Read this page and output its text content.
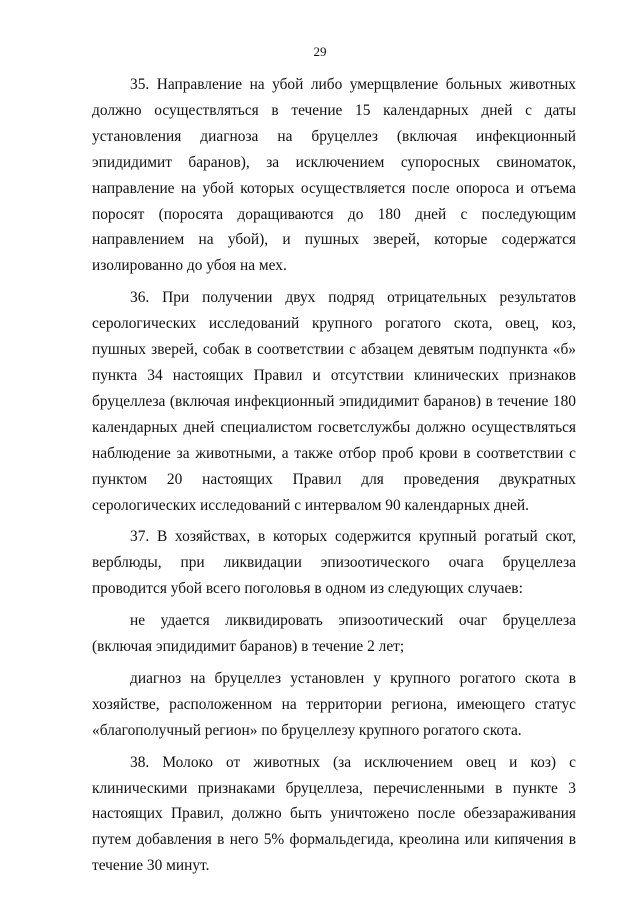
29

35. Направление на убой либо умерщвление больных животных должно осуществляться в течение 15 календарных дней с даты установления диагноза на бруцеллез (включая инфекционный эпидидимит баранов), за исключением супоросных свиноматок, направление на убой которых осуществляется после опороса и отъема поросят (поросята доращиваются до 180 дней с последующим направлением на убой), и пушных зверей, которые содержатся изолированно до убоя на мех.

36. При получении двух подряд отрицательных результатов серологических исследований крупного рогатого скота, овец, коз, пушных зверей, собак в соответствии с абзацем девятым подпункта «б» пункта 34 настоящих Правил и отсутствии клинических признаков бруцеллеза (включая инфекционный эпидидимит баранов) в течение 180 календарных дней специалистом госветслужбы должно осуществляться наблюдение за животными, а также отбор проб крови в соответствии с пунктом 20 настоящих Правил для проведения двукратных серологических исследований с интервалом 90 календарных дней.

37. В хозяйствах, в которых содержится крупный рогатый скот, верблюды, при ликвидации эпизоотического очага бруцеллеза проводится убой всего поголовья в одном из следующих случаев:

не удается ликвидировать эпизоотический очаг бруцеллеза (включая эпидидимит баранов) в течение 2 лет;

диагноз на бруцеллез установлен у крупного рогатого скота в хозяйстве, расположенном на территории региона, имеющего статус «благополучный регион» по бруцеллезу крупного рогатого скота.

38. Молоко от животных (за исключением овец и коз) с клиническими признаками бруцеллеза, перечисленными в пункте 3 настоящих Правил, должно быть уничтожено после обеззараживания путем добавления в него 5% формальдегида, креолина или кипячения в течение 30 минут.
